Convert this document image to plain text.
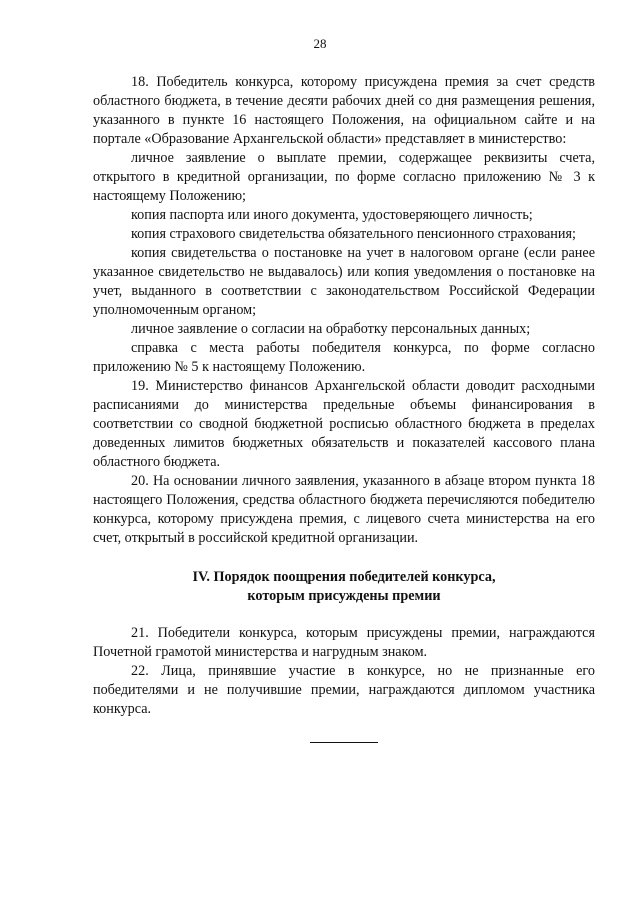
28

18. Победитель конкурса, которому присуждена премия за счет средств областного бюджета, в течение десяти рабочих дней со дня размещения решения, указанного в пункте 16 настоящего Положения, на официальном сайте и на портале «Образование Архангельской области» представляет в министерство:

личное заявление о выплате премии, содержащее реквизиты счета, открытого в кредитной организации, по форме согласно приложению № 3 к настоящему Положению;

копия паспорта или иного документа, удостоверяющего личность;

копия страхового свидетельства обязательного пенсионного страхования;

копия свидетельства о постановке на учет в налоговом органе (если ранее указанное свидетельство не выдавалось) или копия уведомления о постановке на учет, выданного в соответствии с законодательством Российской Федерации уполномоченным органом;

личное заявление о согласии на обработку персональных данных;

справка с места работы победителя конкурса, по форме согласно приложению № 5 к настоящему Положению.

19. Министерство финансов Архангельской области доводит расходными расписаниями до министерства предельные объемы финансирования в соответствии со сводной бюджетной росписью областного бюджета в пределах доведенных лимитов бюджетных обязательств и показателей кассового плана областного бюджета.

20. На основании личного заявления, указанного в абзаце втором пункта 18 настоящего Положения, средства областного бюджета перечисляются победителю конкурса, которому присуждена премия, с лицевого счета министерства на его счет, открытый в российской кредитной организации.

IV. Порядок поощрения победителей конкурса,
которым присуждены премии

21. Победители конкурса, которым присуждены премии, награждаются Почетной грамотой министерства и нагрудным знаком.

22. Лица, принявшие участие в конкурсе, но не признанные его победителями и не получившие премии, награждаются дипломом участника конкурса.
